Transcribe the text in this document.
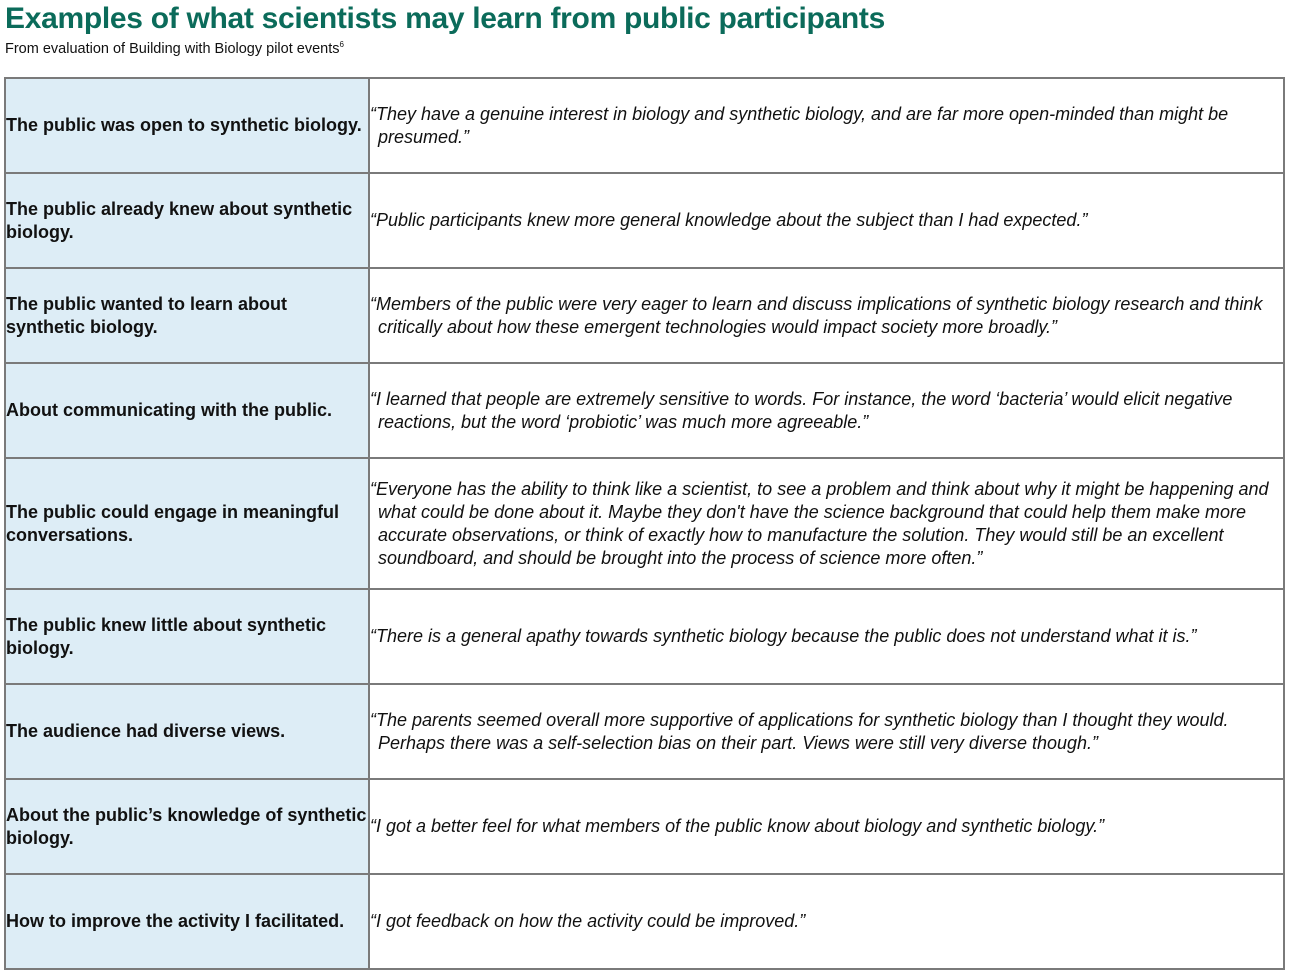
Examples of what scientists may learn from public participants
From evaluation of Building with Biology pilot events$^6$
The public was open to synthetic biology.	“They have a genuine interest in biology and synthetic biology, and are far more open-minded than might be presumed.”

The public already knew about synthetic biology.	“Public participants knew more general knowledge about the subject than I had expected.”

The public wanted to learn about synthetic biology.	“Members of the public were very eager to learn and discuss implications of synthetic biology research and think critically about how these emergent technologies would impact society more broadly.”

About communicating with the public.	“I learned that people are extremely sensitive to words. For instance, the word ‘bacteria’ would elicit negative reactions, but the word ‘probiotic’ was much more agreeable.”

The public could engage in meaningful conversations.	“Everyone has the ability to think like a scientist, to see a problem and think about why it might be happening and what could be done about it. Maybe they don't have the science background that could help them make more accurate observations, or think of exactly how to manufacture the solution. They would still be an excellent soundboard, and should be brought into the process of science more often.”

The public knew little about synthetic biology.	“There is a general apathy towards synthetic biology because the public does not understand what it is.”

The audience had diverse views.	“The parents seemed overall more supportive of applications for synthetic biology than I thought they would. Perhaps there was a self-selection bias on their part. Views were still very diverse though.”

About the public’s knowledge of synthetic biology.	“I got a better feel for what members of the public know about biology and synthetic biology.”

How to improve the activity I facilitated.	“I got feedback on how the activity could be improved.”
